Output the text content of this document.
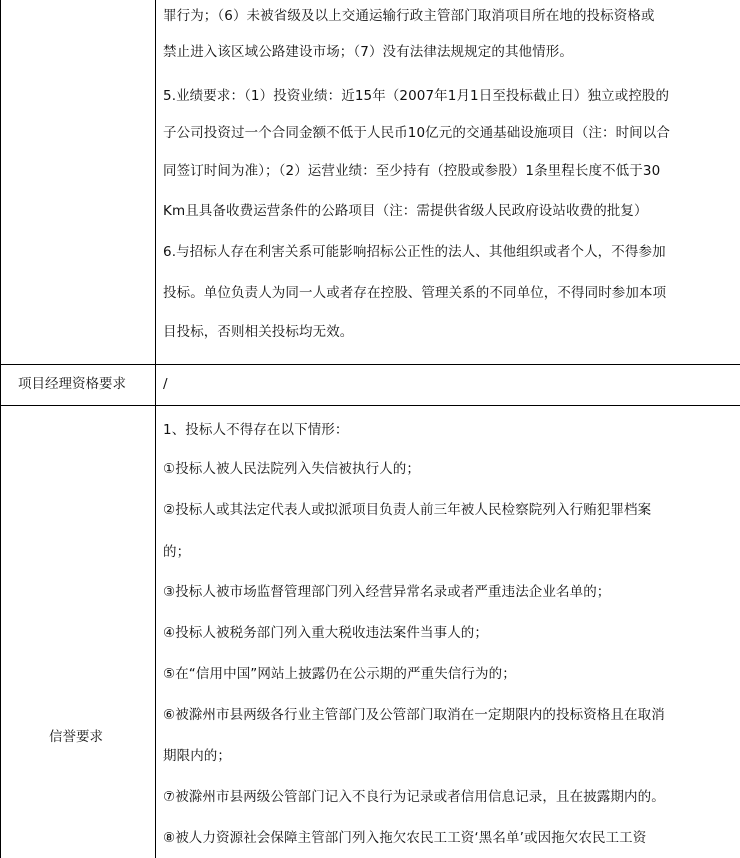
罪行为；（6）未被省级及以上交通运输行政主管部门取消项目所在地的投标资格或
禁止进入该区域公路建设市场；（7）没有法律法规规定的其他情形。
5.业绩要求：（1）投资业绩：近15年（2007年1月1日至投标截止日）独立或控股的
子公司投资过一个合同金额不低于人民币10亿元的交通基础设施项目（注：时间以合
同签订时间为准）；（2）运营业绩：至少持有（控股或参股）1条里程长度不低于30
Km且具备收费运营条件的公路项目（注：需提供省级人民政府设站收费的批复）
6.与招标人存在利害关系可能影响招标公正性的法人、其他组织或者个人，不得参加
投标。单位负责人为同一人或者存在控股、管理关系的不同单位，不得同时参加本项
目投标，否则相关投标均无效。
项目经理资格要求	/
信誉要求
1、投标人不得存在以下情形：
①投标人被人民法院列入失信被执行人的；
②投标人或其法定代表人或拟派项目负责人前三年被人民检察院列入行贿犯罪档案
的；
③投标人被市场监督管理部门列入经营异常名录或者严重违法企业名单的；
④投标人被税务部门列入重大税收违法案件当事人的；
⑤在“信用中国”网站上披露仍在公示期的严重失信行为的；
⑥被滁州市县两级各行业主管部门及公管部门取消在一定期限内的投标资格且在取消
期限内的；
⑦被滁州市县两级公管部门记入不良行为记录或者信用信息记录，且在披露期内的。
⑧被人力资源社会保障主管部门列入拖欠农民工工资‘黑名单’或因拖欠农民工工资
